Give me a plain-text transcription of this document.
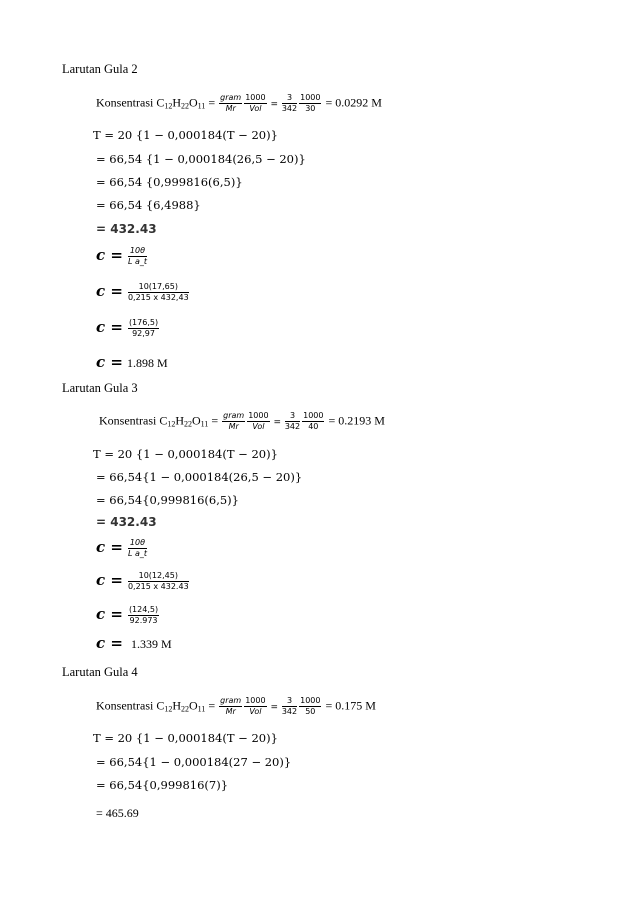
Larutan Gula 2
Konsentrasi $C_{12}H_{22}O_{11} = \frac{\text{gram}}{Mr} \frac{1000}{\text{Vol}} = \frac{3}{342} \frac{1000}{30} = 0.0292$ M
T = 20 {1 − 0,000184(T − 20)}
= 66,54 {1 − 0,000184(26,5 − 20)}
= 66,54 {0,999816(6,5)}
= 66,54 {6,4988}
= 432.43
$c = \frac{10\theta}{\text{L a\_t}}$
$c = \frac{10(17,65)}{0,215 x 432,43}$
$c = \frac{(176,5)}{92,97}$
c = 1.898 M
Larutan Gula 3
Konsentrasi $C_{12}H_{22}O_{11} = \frac{\text{gram}}{Mr} \frac{1000}{\text{Vol}} = \frac{3}{342} \frac{1000}{40} = 0.2193$ M
T = 20 {1 − 0,000184(T − 20)}
= 66,54{1 − 0,000184(26,5 − 20)}
= 66,54{0,999816(6,5)}
= 432.43
$c = \frac{10\theta}{\text{L a\_t}}$
$c = \frac{10(12,45)}{0,215 x 432.43}$
$c = \frac{(124,5)}{92.973}$
c = 1.339 M
Larutan Gula 4
Konsentrasi $C_{12}H_{22}O_{11} = \frac{\text{gram}}{Mr} \frac{1000}{\text{Vol}} = \frac{3}{342} \frac{1000}{50} = 0.175$ M
T = 20 {1 − 0,000184(T − 20)}
= 66,54{1 − 0,000184(27 − 20)}
= 66,54{0,999816(7)}
= 465.69
